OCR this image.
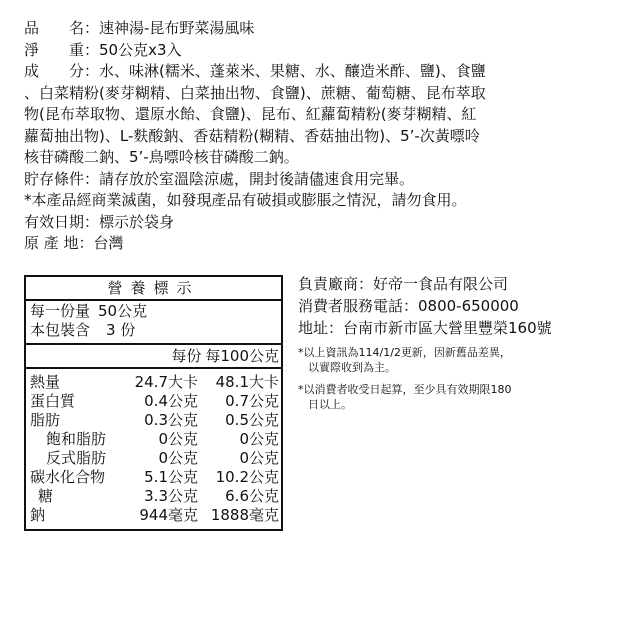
品　　名：速神湯-昆布野菜湯風味
淨　　重：50公克x3入
成　　分：水、味淋(糯米、蓬萊米、果糖、水、釀造米酢、鹽)、食鹽
、白菜精粉(麥芽糊精、白菜抽出物、食鹽)、蔗糖、葡萄糖、昆布萃取
物(昆布萃取物、還原水飴、食鹽)、昆布、紅蘿蔔精粉(麥芽糊精、紅
蘿蔔抽出物)、L-麩酸鈉、香菇精粉(糊精、香菇抽出物)、5’-次黃嘌呤
核苷磷酸二鈉、5’-鳥嘌呤核苷磷酸二鈉。
貯存條件：請存放於室溫陰涼處，開封後請儘速食用完畢。
*本產品經商業滅菌，如發現產品有破損或膨脹之情況，請勿食用。
有效日期：標示於袋身
原 產 地：台灣
營養標示
每一份量 50公克
本包裝含 3 份
每份 每100公克
熱量	24.7大卡	48.1大卡
蛋白質	0.4公克	0.7公克
脂肪	0.3公克	0.5公克
飽和脂肪	0公克	0公克
反式脂肪	0公克	0公克
碳水化合物	5.1公克	10.2公克
糖	3.3公克	6.6公克
鈉	944毫克 1888毫克
負責廠商：好帝一食品有限公司
消費者服務電話：0800-650000
地址：台南市新市區大營里豐榮160號
*以上資訊為114/1/2更新，因新舊品差異，
以實際收到為主。
*以消費者收受日起算，至少具有效期限180
日以上。
